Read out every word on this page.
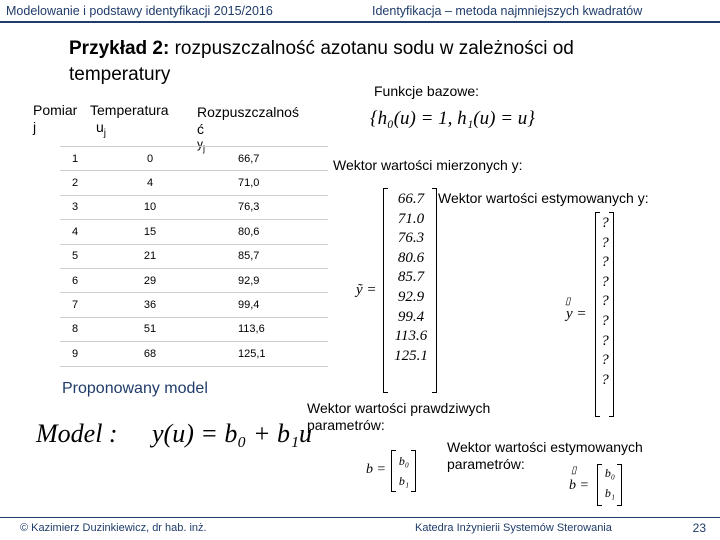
Modelowanie i podstawy identyfikacji 2015/2016	Identyfikacja – metoda najmniejszych kwadratów
Przykład 2: rozpuszczalność azotanu sodu w zależności od temperatury
Pomiar
j
Temperatura
$u_j$
Rozpuszczalnoś
ć
$y_j$
1	0	66,7
2	4	71,0
3	10	76,3
4	15	80,6
5	21	85,7
6	29	92,9
7	36	99,4
8	51	113,6
9	68	125,1
Funkcje bazowe:
{h₀(u) = 1, h₁(u) = u}
Wektor wartości mierzonych y:
ỹ =
66.7
71.0
76.3
80.6
85.7
92.9
99.4
113.6
125.1
Wektor wartości estymowanych y:
▯
y =
?
?
?
?
?
?
?
?
?
Proponowany model
Model : y(u) = b₀ + b₁u
Wektor wartości prawdziwych parametrów:
b =
b₀
b₁
Wektor wartości estymowanych parametrów:	▯
b =
b₀
b₁
© Kazimierz Duzinkiewicz, dr hab. inż.	Katedra Inżynierii Systemów Sterowania	23
